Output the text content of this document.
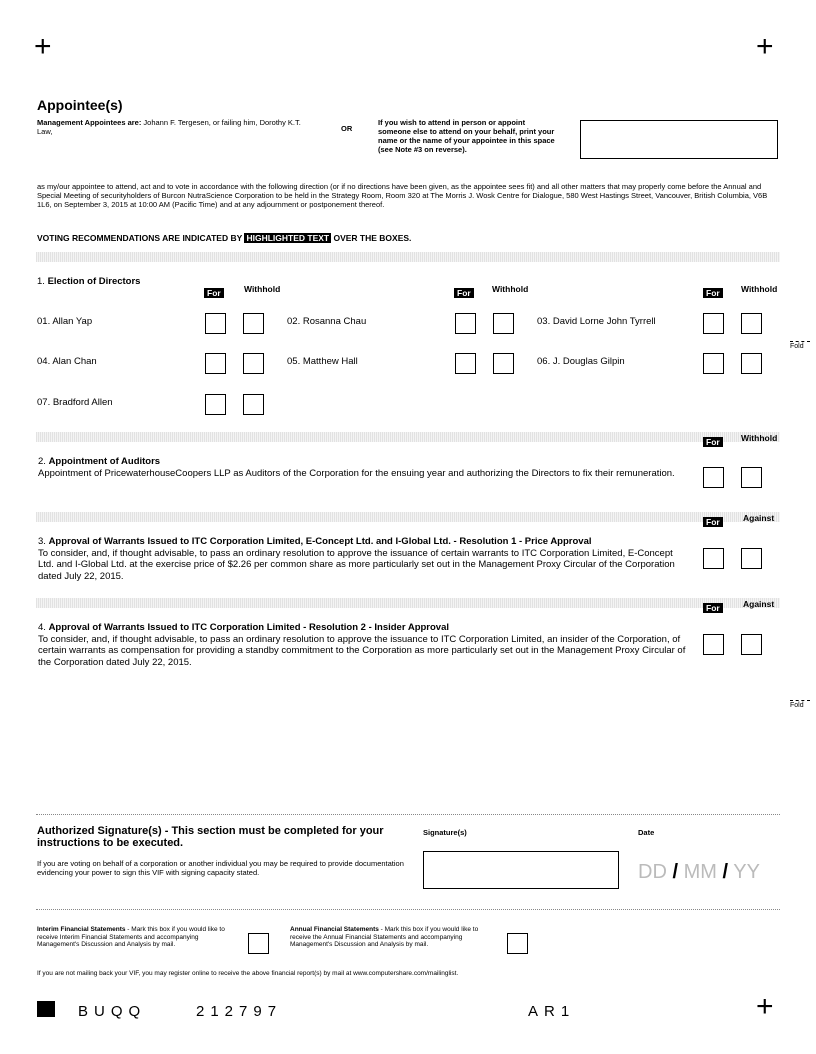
+	+
+
Appointee(s)
Management Appointees are: Johann F. Tergesen, or failing him, Dorothy K.T. Law,	OR
If you wish to attend in person or appoint someone else to attend on your behalf, print your name or the name of your appointee in this space (see Note #3 on reverse).
as my/our appointee to attend, act and to vote in accordance with the following direction (or if no directions have been given, as the appointee sees fit) and all other matters that may properly come before the Annual and Special Meeting of securityholders of Burcon NutraScience Corporation to be held in the Strategy Room, Room 320 at The Morris J. Wosk Centre for Dialogue, 580 West Hastings Street, Vancouver, British Columbia, V6B 1L6, on September 3, 2015 at 10:00 AM (Pacific Time) and at any adjournment or postponement thereof.
VOTING RECOMMENDATIONS ARE INDICATED BY HIGHLIGHTED TEXT OVER THE BOXES.
1. Election of Directors
For	Withhold	For	Withhold	For	Withhold
01. Allan Yap	02. Rosanna Chau	03. David Lorne John Tyrrell
04. Alan Chan	05. Matthew Hall	06. J. Douglas Gilpin
07. Bradford Allen
Fold
For	Withhold
2. Appointment of Auditors
Appointment of PricewaterhouseCoopers LLP as Auditors of the Corporation for the ensuing year and authorizing the Directors to fix their remuneration.
For	Against
3. Approval of Warrants Issued to ITC Corporation Limited, E-Concept Ltd. and I-Global Ltd. - Resolution 1 - Price Approval
To consider, and, if thought advisable, to pass an ordinary resolution to approve the issuance of certain warrants to ITC Corporation Limited, E-Concept Ltd. and I-Global Ltd. at the exercise price of $2.26 per common share as more particularly set out in the Management Proxy Circular of the Corporation dated July 22, 2015.
For	Against
4. Approval of Warrants Issued to ITC Corporation Limited - Resolution 2 - Insider Approval
To consider, and, if thought advisable, to pass an ordinary resolution to approve the issuance to ITC Corporation Limited, an insider of the Corporation, of certain warrants as compensation for providing a standby commitment to the Corporation as more particularly set out in the Management Proxy Circular of the Corporation dated July 22, 2015.
Fold
Authorized Signature(s) - This section must be completed for your instructions to be executed.
If you are voting on behalf of a corporation or another individual you may be required to provide documentation evidencing your power to sign this VIF with signing capacity stated.
Signature(s)	Date
DD / MM / YY
Interim Financial Statements - Mark this box if you would like to receive Interim Financial Statements and accompanying Management's Discussion and Analysis by mail.
Annual Financial Statements - Mark this box if you would like to receive the Annual Financial Statements and accompanying Management's Discussion and Analysis by mail.
If you are not mailing back your VIF, you may register online to receive the above financial report(s) by mail at www.computershare.com/mailinglist.
BUQQ	212797	AR1
